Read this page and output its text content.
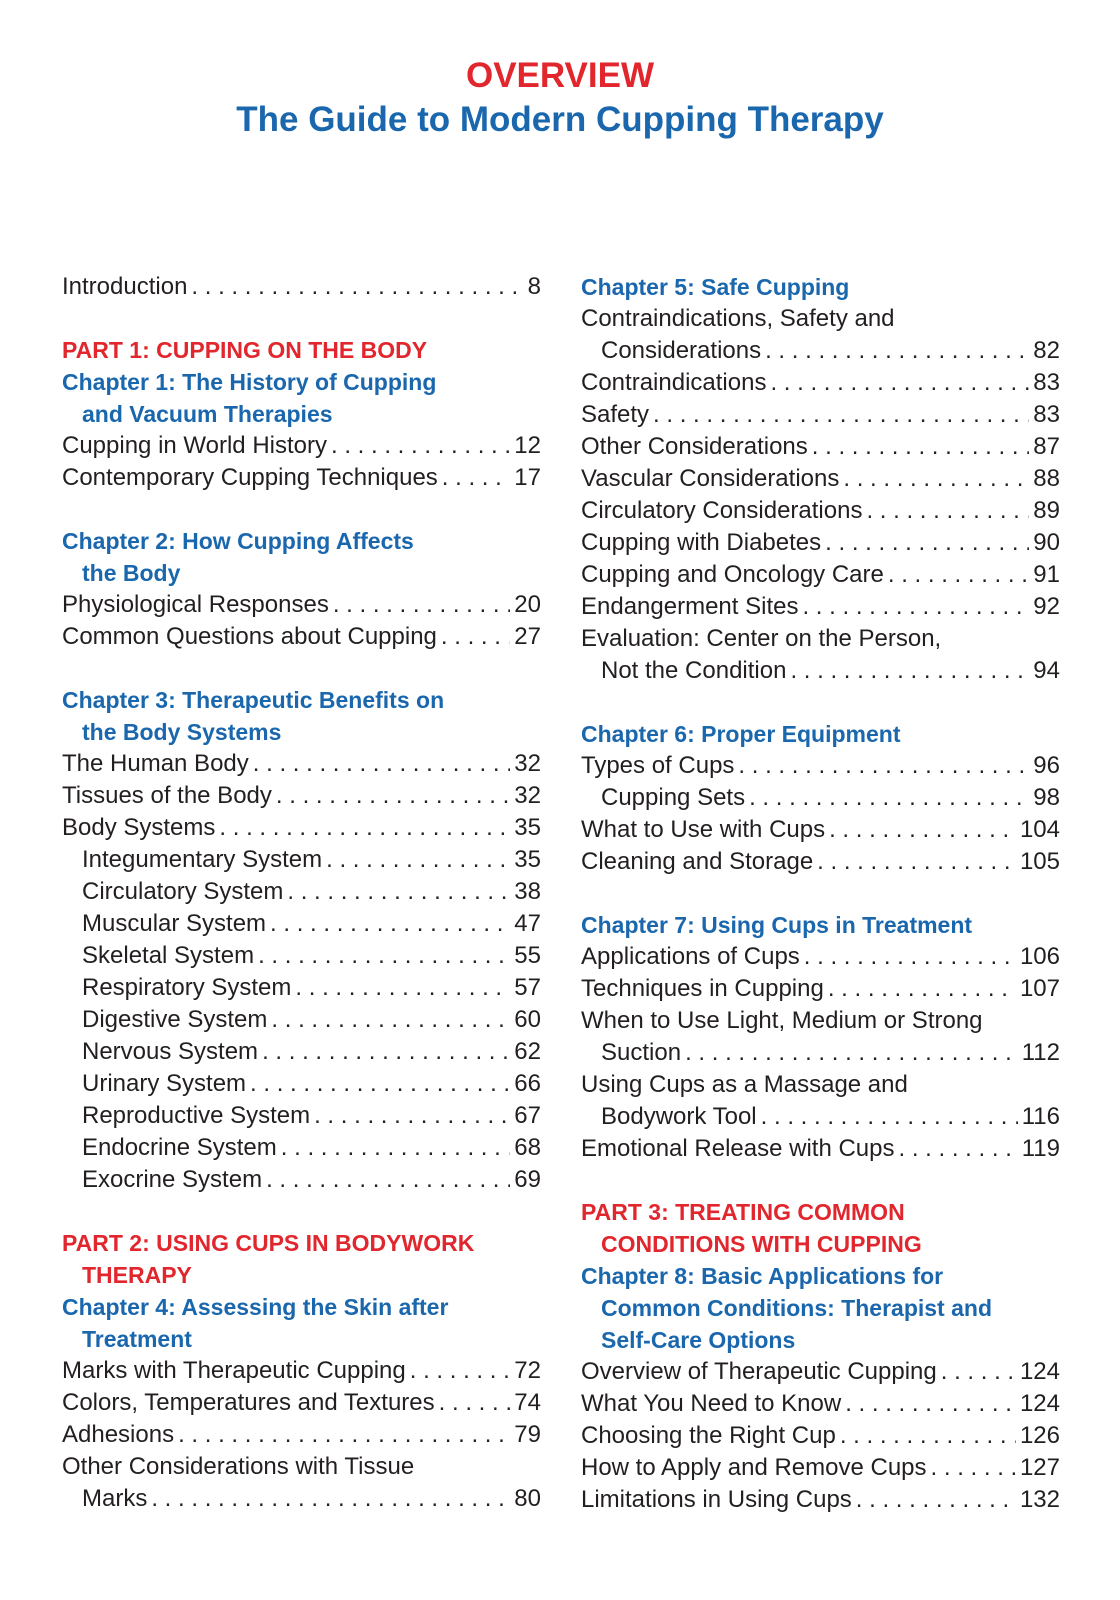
OVERVIEW
The Guide to Modern Cupping Therapy
Introduction . . .	8
PART 1: CUPPING ON THE BODY
Chapter 1: The History of Cupping
and Vacuum Therapies
Cupping in World History . . .	12
Contemporary Cupping Techniques . . .	17
Chapter 2: How Cupping Affects
the Body
Physiological Responses . . .	20
Common Questions about Cupping . . .	27
Chapter 3: Therapeutic Benefits on
the Body Systems
The Human Body . . .	32
Tissues of the Body . . .	32
Body Systems . . .	35
Integumentary System . . .	35
Circulatory System . . .	38
Muscular System . . .	47
Skeletal System . . .	55
Respiratory System . . .	57
Digestive System . . .	60
Nervous System . . .	62
Urinary System . . .	66
Reproductive System . . .	67
Endocrine System . . .	68
Exocrine System . . .	69
PART 2: USING CUPS IN BODYWORK
THERAPY
Chapter 4: Assessing the Skin after
Treatment
Marks with Therapeutic Cupping . . .	72
Colors, Temperatures and Textures . . .	74
Adhesions . . .	79
Other Considerations with Tissue
Marks . . .	80
Chapter 5: Safe Cupping
Contraindications, Safety and
Considerations . . .	82
Contraindications . . .	83
Safety . . .	83
Other Considerations . . .	87
Vascular Considerations . . .	88
Circulatory Considerations . . .	89
Cupping with Diabetes . . .	90
Cupping and Oncology Care . . .	91
Endangerment Sites . . .	92
Evaluation: Center on the Person,
Not the Condition . . .	94
Chapter 6: Proper Equipment
Types of Cups . . .	96
Cupping Sets . . .	98
What to Use with Cups . . .	104
Cleaning and Storage . . .	105
Chapter 7: Using Cups in Treatment
Applications of Cups . . .	106
Techniques in Cupping . . .	107
When to Use Light, Medium or Strong
Suction . . .	112
Using Cups as a Massage and
Bodywork Tool . . .	116
Emotional Release with Cups . . .	119
PART 3: TREATING COMMON
CONDITIONS WITH CUPPING
Chapter 8: Basic Applications for
Common Conditions: Therapist and
Self-Care Options
Overview of Therapeutic Cupping . . .	124
What You Need to Know . . .	124
Choosing the Right Cup . . .	126
How to Apply and Remove Cups . . .	127
Limitations in Using Cups . . .	132
